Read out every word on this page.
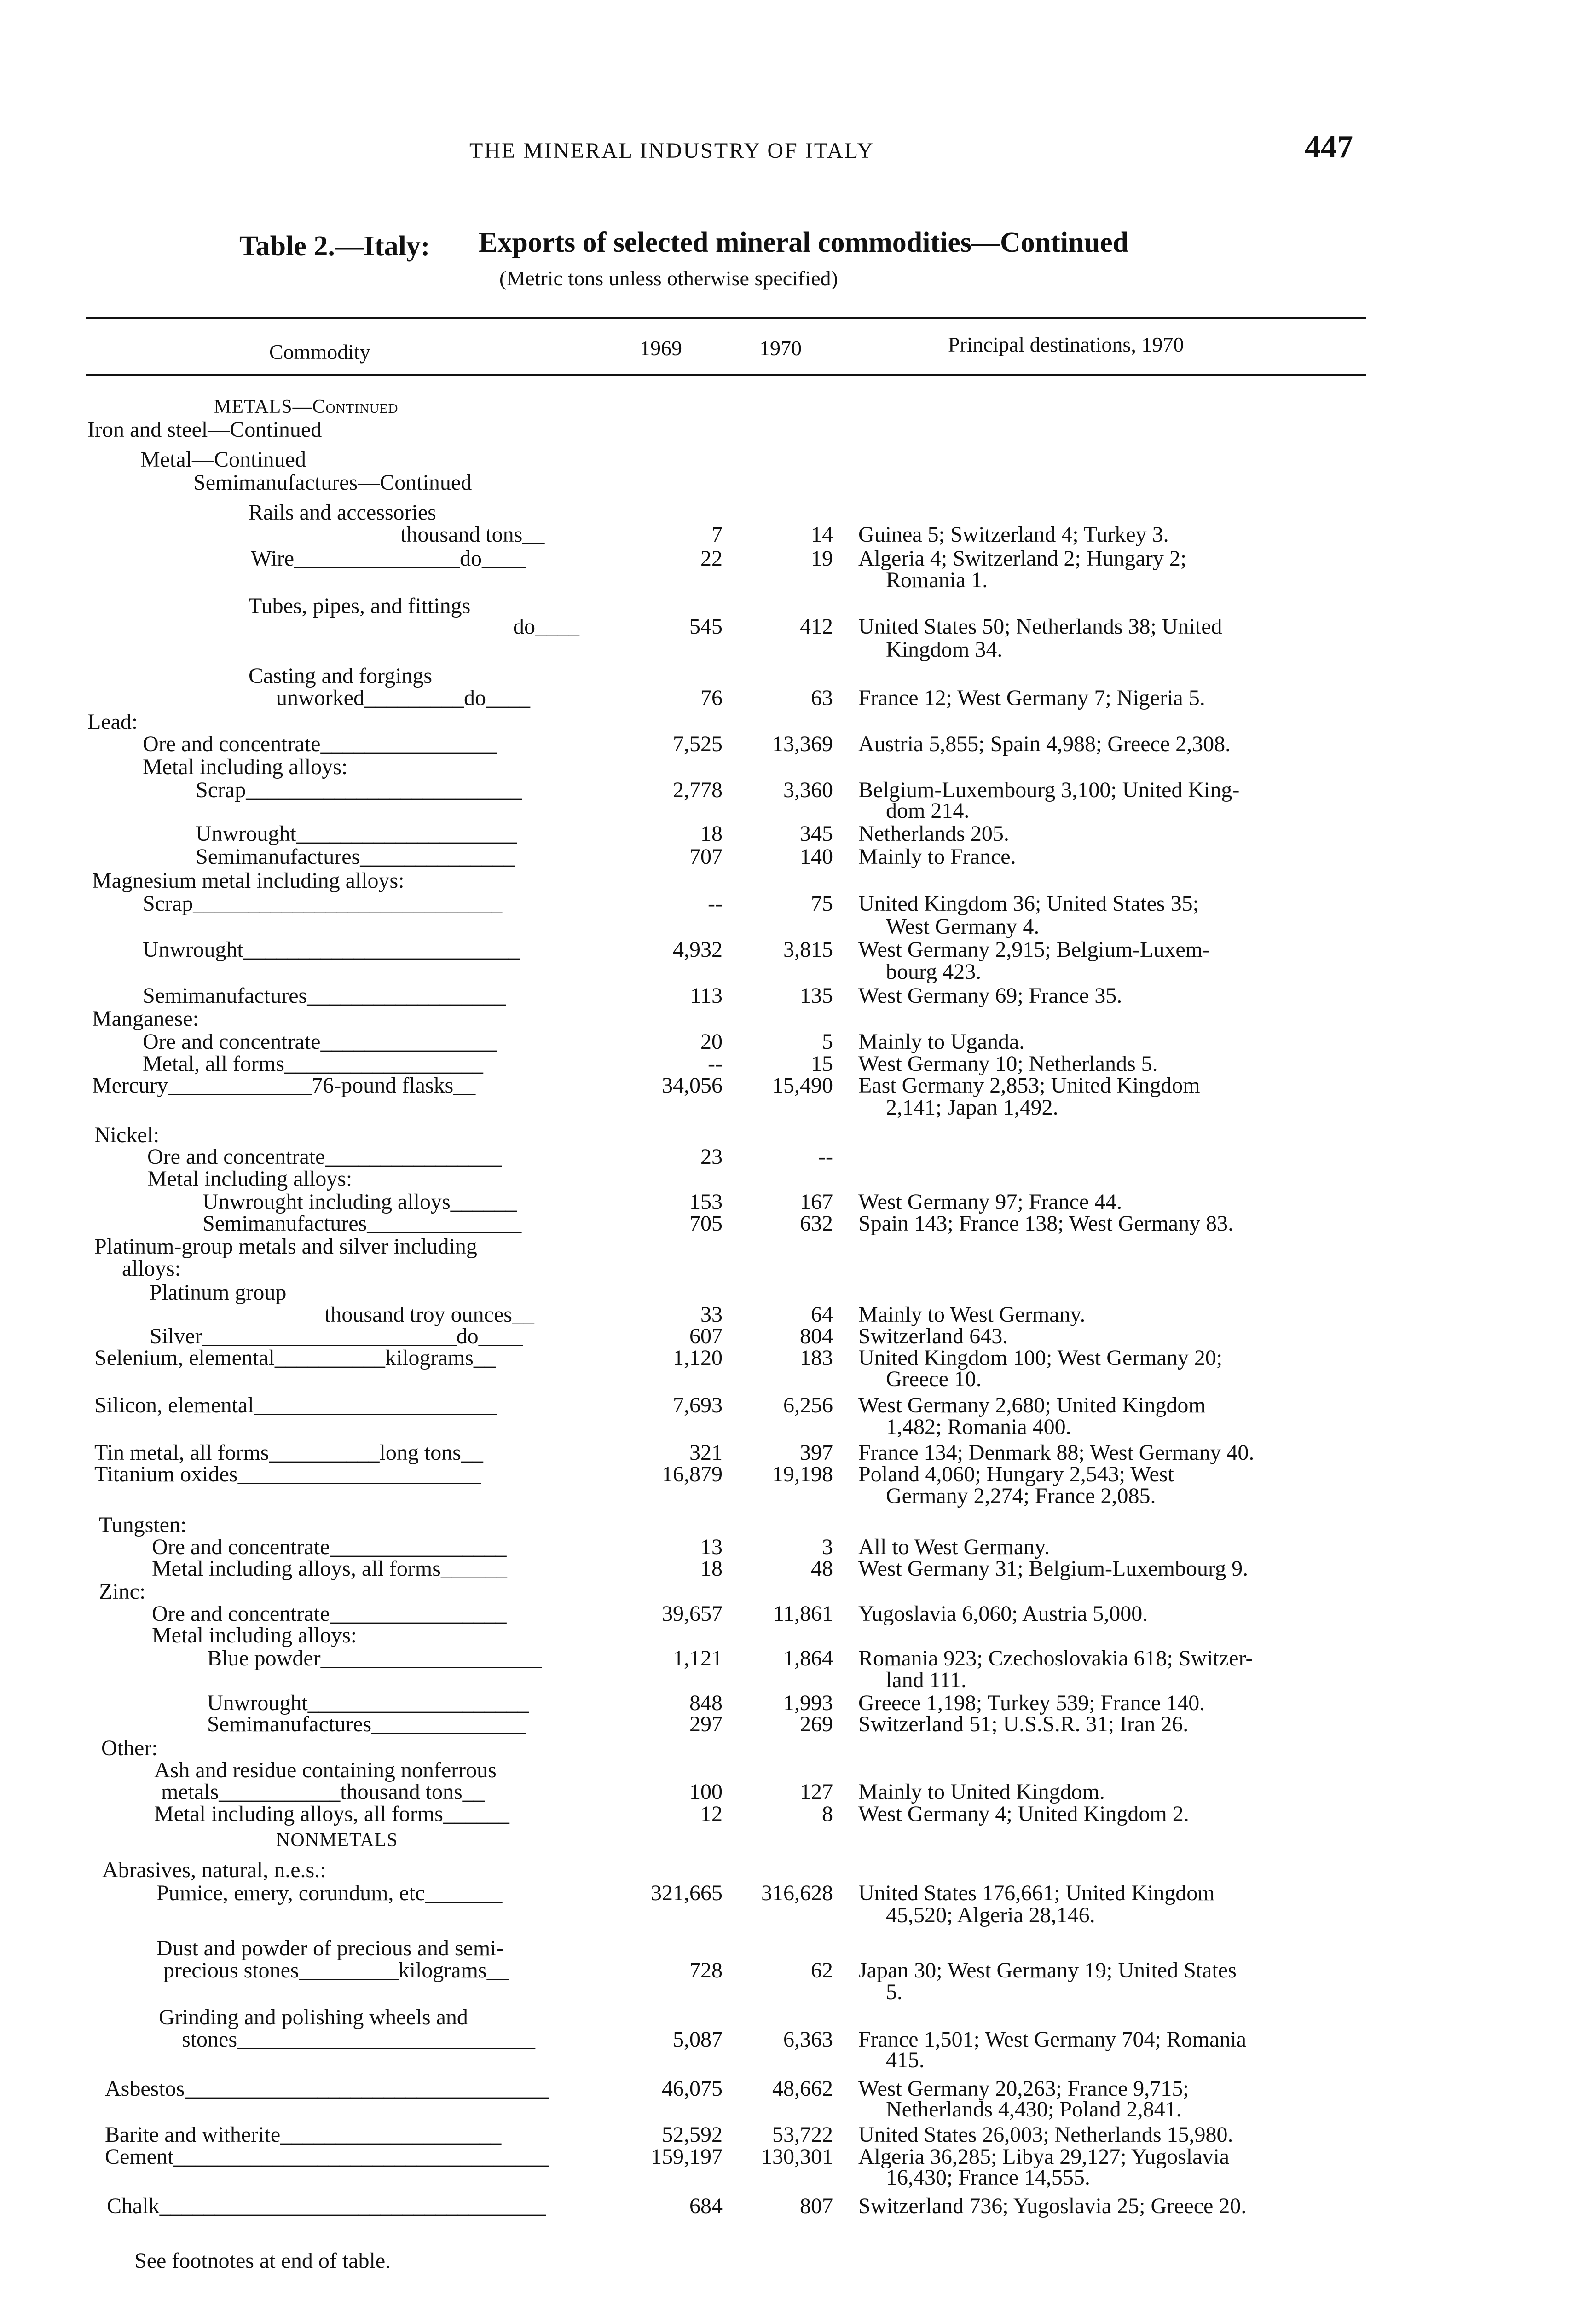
THE MINERAL INDUSTRY OF ITALY	447
Table 2.—Italy: Exports of selected mineral commodities—Continued
(Metric tons unless otherwise specified)
Commodity	1969	1970	Principal destinations, 1970
METALS—Continued
Iron and steel—Continued
Metal—Continued
Semimanufactures—Continued
Rails and accessories
thousand tons__	7	14 Guinea 5; Switzerland 4; Turkey 3.
Wire_______________do____	22	19 Algeria 4; Switzerland 2; Hungary 2;
Romania 1.
Tubes, pipes, and fittings
do____	545	412 United States 50; Netherlands 38; United
Kingdom 34.
Casting and forgings
unworked_________do____	76	63 France 12; West Germany 7; Nigeria 5.
Lead:
Ore and concentrate________________	7,525	13,369 Austria 5,855; Spain 4,988; Greece 2,308.
Metal including alloys:
Scrap_________________________	2,778	3,360 Belgium-Luxembourg 3,100; United King-
dom 214.
Unwrought____________________	18	345 Netherlands 205.
Semimanufactures______________	707	140 Mainly to France.
Magnesium metal including alloys:
Scrap____________________________	--	75 United Kingdom 36; United States 35;
West Germany 4.
Unwrought_________________________	4,932	3,815 West Germany 2,915; Belgium-Luxem-
bourg 423.
Semimanufactures__________________	113	135 West Germany 69; France 35.
Manganese:
Ore and concentrate________________	20	5 Mainly to Uganda.
Metal, all forms__________________	--	15 West Germany 10; Netherlands 5.
Mercury_____________76-pound flasks__	34,056	15,490 East Germany 2,853; United Kingdom
2,141; Japan 1,492.
Nickel:
Ore and concentrate________________	23	--
Metal including alloys:
Unwrought including alloys______	153	167 West Germany 97; France 44.
Semimanufactures______________	705	632 Spain 143; France 138; West Germany 83.
Platinum-group metals and silver including
alloys:
Platinum group
thousand troy ounces__	33	64 Mainly to West Germany.
Silver_______________________do____	607	804 Switzerland 643.
Selenium, elemental__________kilograms__	1,120	183 United Kingdom 100; West Germany 20;
Greece 10.
Silicon, elemental______________________	7,693	6,256 West Germany 2,680; United Kingdom
1,482; Romania 400.
Tin metal, all forms__________long tons__	321	397 France 134; Denmark 88; West Germany 40.
Titanium oxides______________________	16,879	19,198 Poland 4,060; Hungary 2,543; West
Germany 2,274; France 2,085.
Tungsten:
Ore and concentrate________________	13	3 All to West Germany.
Metal including alloys, all forms______	18	48 West Germany 31; Belgium-Luxembourg 9.
Zinc:
Ore and concentrate________________	39,657	11,861 Yugoslavia 6,060; Austria 5,000.
Metal including alloys:
Blue powder____________________	1,121	1,864 Romania 923; Czechoslovakia 618; Switzer-
land 111.
Unwrought____________________	848	1,993 Greece 1,198; Turkey 539; France 140.
Semimanufactures______________	297	269 Switzerland 51; U.S.S.R. 31; Iran 26.
Other:
Ash and residue containing nonferrous
metals___________thousand tons__	100	127 Mainly to United Kingdom.
Metal including alloys, all forms______	12	8 West Germany 4; United Kingdom 2.
NONMETALS
Abrasives, natural, n.e.s.:
Pumice, emery, corundum, etc_______	321,665	316,628 United States 176,661; United Kingdom
45,520; Algeria 28,146.
Dust and powder of precious and semi-
precious stones_________kilograms__	728	62 Japan 30; West Germany 19; United States
5.
Grinding and polishing wheels and
stones___________________________	5,087	6,363 France 1,501; West Germany 704; Romania
415.
Asbestos_________________________________	46,075	48,662 West Germany 20,263; France 9,715;
Netherlands 4,430; Poland 2,841.
Barite and witherite____________________	52,592	53,722 United States 26,003; Netherlands 15,980.
Cement__________________________________	159,197	130,301 Algeria 36,285; Libya 29,127; Yugoslavia
16,430; France 14,555.
Chalk___________________________________	684	807 Switzerland 736; Yugoslavia 25; Greece 20.
See footnotes at end of table.
